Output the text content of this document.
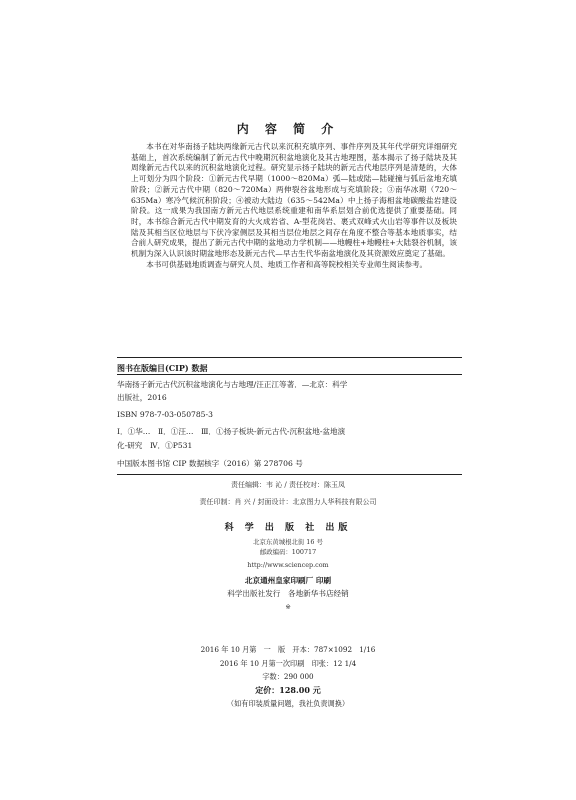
内 容 简 介

本书在对华南扬子陆块两缘新元古代以来沉积充填序列、事件序列及其年代学研究详细研究基础上，首次系统编制了新元古代中晚期沉积盆地演化及其古地理图，基本揭示了扬子陆块及其周缘新元古代以来的沉积盆地演化过程。研究显示扬子陆块的新元古代地层序列是清楚的，大体上可划分为四个阶段：①新元古代早期（1000～820Ma）弧—陆或陆—陆碰撞与弧后盆地充填阶段；②新元古代中期（820～720Ma）两伸裂谷盆地形成与充填阶段；③南华冰期（720～635Ma）寒冷气候沉积阶段；④被动大陆边（635～542Ma）中上扬子海相盆地碳酸盐岩建设阶段。这一成果为我国南方新元古代地层系统重建和南华系层划合前优选提供了重要基础。同时，本书综合新元古代中期发育的大火成岩省、A-型花岗岩、裹式双峰式火山岩等事件以及板块陆及其相当区位地层与下伏冷家侧层及其相当层位地层之间存在角度不整合等基本地质事实，结合前人研究成果，提出了新元古代中期的盆地动力学机制——地幔柱+地幔柱+大陆裂谷机制，该机制为深入认识该时期盆地形态及新元古代—早古生代华南盆地演化及其资源效应奠定了基础。

本书可供基础地质调查与研究人员、地质工作者和高等院校相关专业师生阅读参考。

图书在版编目(CIP) 数据
华南扬子新元古代沉积盆地演化与古地理/汪正江等著．—北京：科学
出版社，2016
ISBN 978-7-03-050785-3
Ⅰ．①华…　Ⅱ．①汪…　Ⅲ．①扬子板块-新元古代-沉积盆地-盆地演
化-研究　Ⅳ．①P531
中国版本图书馆 CIP 数据核字（2016）第 278706 号
责任编辑：韦 沁 / 责任校对：陈玉凤
责任印制：肖 兴 / 封面设计：北京图力人华科技有限公司
科 学 出 版 社 出版
北京东黄城根北街 16 号
邮政编码：100717
http://www.sciencep.com
北京通州皇家印刷厂 印刷
科学出版社发行　各地新华书店经销
※
2016 年 10 月第　一　版　开本：787×1092　1/16
2016 年 10 月第一次印刷　印张：12 1/4
字数：290 000
定价：128.00 元
（如有印装质量问题，我社负责调换）
